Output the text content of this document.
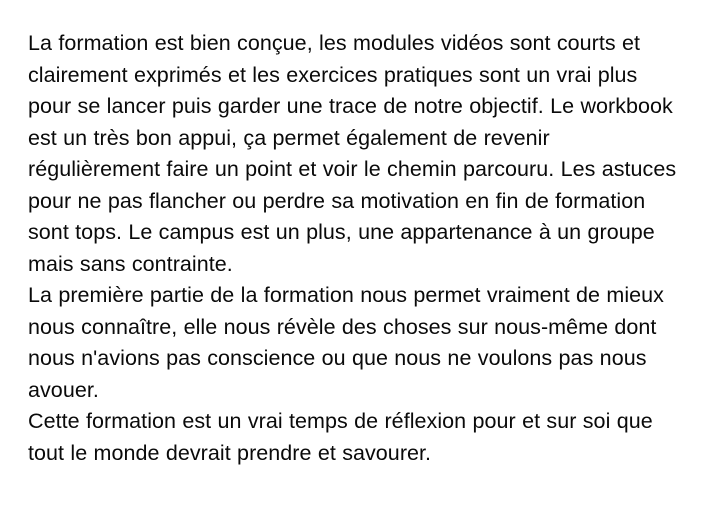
La formation est bien conçue, les modules vidéos sont courts et clairement exprimés et les exercices pratiques sont un vrai plus pour se lancer puis garder une trace de notre objectif. Le workbook est un très bon appui, ça permet également de revenir régulièrement faire un point et voir le chemin parcouru. Les astuces pour ne pas flancher ou perdre sa motivation en fin de formation sont tops. Le campus est un plus, une appartenance à un groupe mais sans contrainte.

La première partie de la formation nous permet vraiment de mieux nous connaître, elle nous révèle des choses sur nous-même dont nous n'avions pas conscience ou que nous ne voulons pas nous avouer.

Cette formation est un vrai temps de réflexion pour et sur soi que tout le monde devrait prendre et savourer.
